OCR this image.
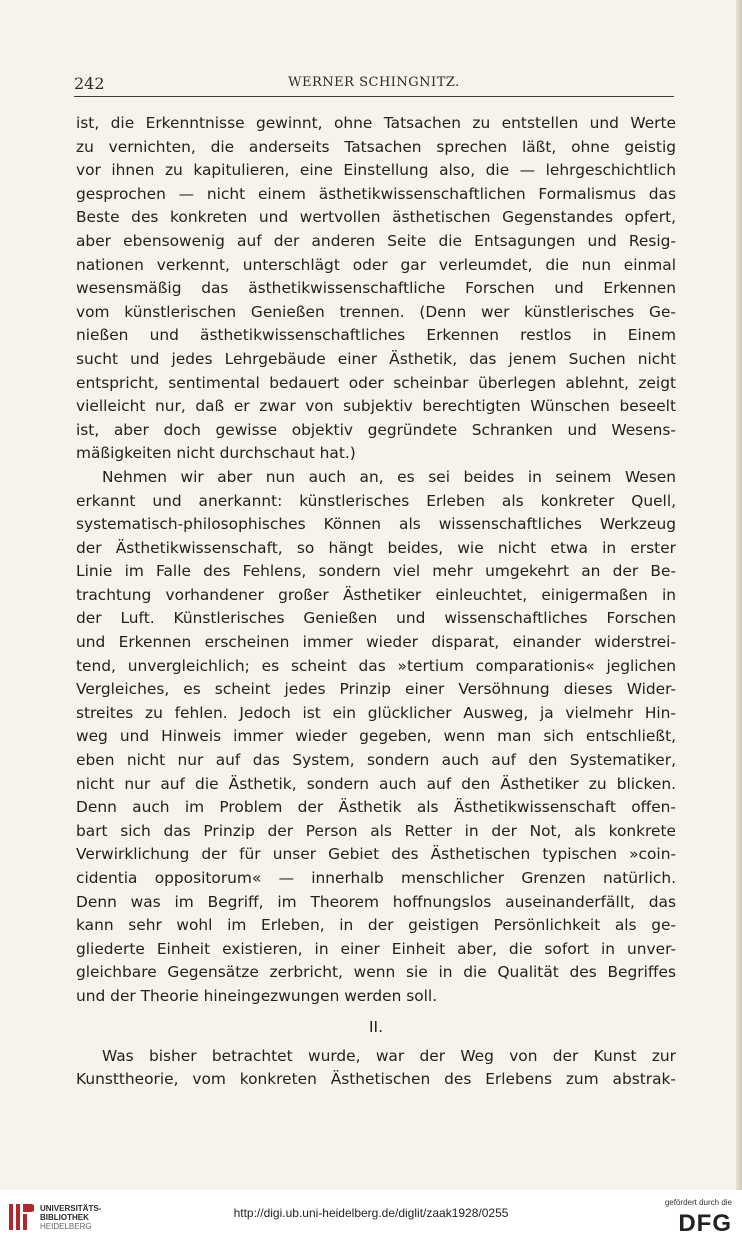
242	WERNER SCHINGNITZ.
ist, die Erkenntnisse gewinnt, ohne Tatsachen zu entstellen und Werte
zu vernichten, die anderseits Tatsachen sprechen läßt, ohne geistig
vor ihnen zu kapitulieren, eine Einstellung also, die — lehrgeschichtlich
gesprochen — nicht einem ästhetikwissenschaftlichen Formalismus das
Beste des konkreten und wertvollen ästhetischen Gegenstandes opfert,
aber ebensowenig auf der anderen Seite die Entsagungen und Resig-
nationen verkennt, unterschlägt oder gar verleumdet, die nun einmal
wesensmäßig das ästhetikwissenschaftliche Forschen und Erkennen
vom künstlerischen Genießen trennen. (Denn wer künstlerisches Ge-
nießen und ästhetikwissenschaftliches Erkennen restlos in Einem
sucht und jedes Lehrgebäude einer Ästhetik, das jenem Suchen nicht
entspricht, sentimental bedauert oder scheinbar überlegen ablehnt, zeigt
vielleicht nur, daß er zwar von subjektiv berechtigten Wünschen beseelt
ist, aber doch gewisse objektiv gegründete Schranken und Wesens-
mäßigkeiten nicht durchschaut hat.)
Nehmen wir aber nun auch an, es sei beides in seinem Wesen
erkannt und anerkannt: künstlerisches Erleben als konkreter Quell,
systematisch-philosophisches Können als wissenschaftliches Werkzeug
der Ästhetikwissenschaft, so hängt beides, wie nicht etwa in erster
Linie im Falle des Fehlens, sondern viel mehr umgekehrt an der Be-
trachtung vorhandener großer Ästhetiker einleuchtet, einigermaßen in
der Luft. Künstlerisches Genießen und wissenschaftliches Forschen
und Erkennen erscheinen immer wieder disparat, einander widerstrei-
tend, unvergleichlich; es scheint das »tertium comparationis« jeglichen
Vergleiches, es scheint jedes Prinzip einer Versöhnung dieses Wider-
streites zu fehlen. Jedoch ist ein glücklicher Ausweg, ja vielmehr Hin-
weg und Hinweis immer wieder gegeben, wenn man sich entschließt,
eben nicht nur auf das System, sondern auch auf den Systematiker,
nicht nur auf die Ästhetik, sondern auch auf den Ästhetiker zu blicken.
Denn auch im Problem der Ästhetik als Ästhetikwissenschaft offen-
bart sich das Prinzip der Person als Retter in der Not, als konkrete
Verwirklichung der für unser Gebiet des Ästhetischen typischen »coin-
cidentia oppositorum« — innerhalb menschlicher Grenzen natürlich.
Denn was im Begriff, im Theorem hoffnungslos auseinanderfällt, das
kann sehr wohl im Erleben, in der geistigen Persönlichkeit als ge-
gliederte Einheit existieren, in einer Einheit aber, die sofort in unver-
gleichbare Gegensätze zerbricht, wenn sie in die Qualität des Begriffes
und der Theorie hineingezwungen werden soll.
II.
Was bisher betrachtet wurde, war der Weg von der Kunst zur
Kunsttheorie, vom konkreten Ästhetischen des Erlebens zum abstrak-
UNIVERSITÄTS-
BIBLIOTHEK
HEIDELBERG
http://digi.ub.uni-heidelberg.de/diglit/zaak1928/0255
gefördert durch die
DFG
